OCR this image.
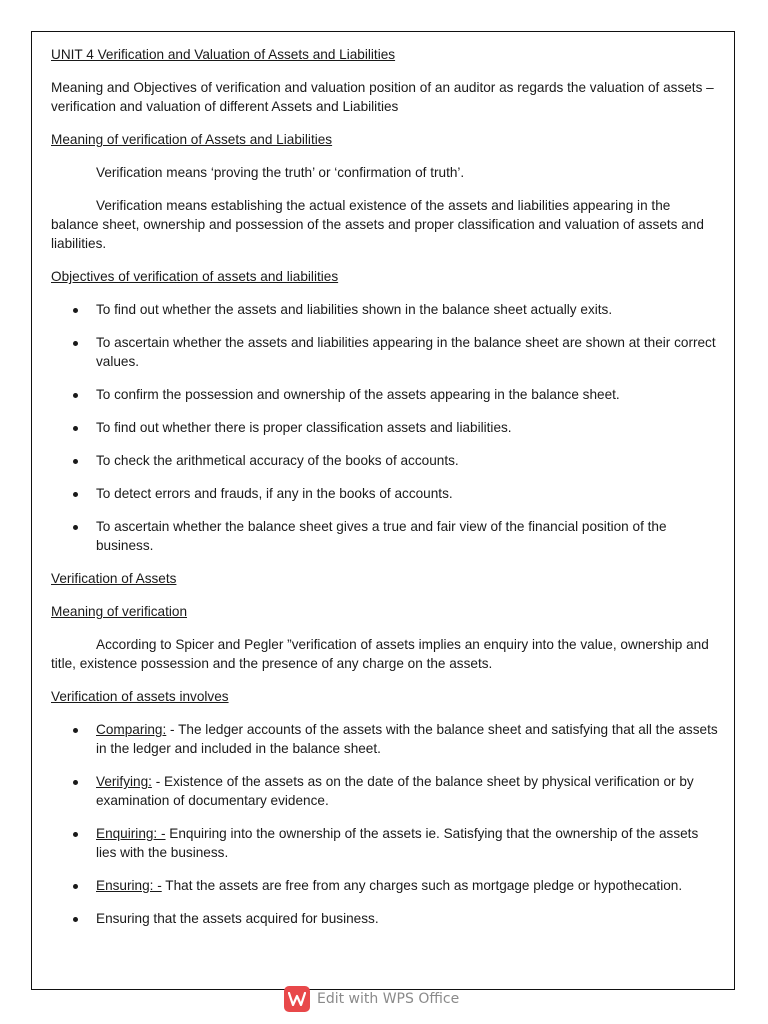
UNIT 4 Verification and Valuation of Assets and Liabilities
Meaning and Objectives of verification and valuation position of an auditor as regards the valuation of assets – verification and valuation of different Assets and Liabilities
Meaning of verification of Assets and Liabilities
Verification means ‘proving the truth’ or ‘confirmation of truth’.
Verification means establishing the actual existence of the assets and liabilities appearing in the balance sheet, ownership and possession of the assets and proper classification and valuation of assets and liabilities.
Objectives of verification of assets and liabilities
To find out whether the assets and liabilities shown in the balance sheet actually exits.
To ascertain whether the assets and liabilities appearing in the balance sheet are shown at their correct values.
To confirm the possession and ownership of the assets appearing in the balance sheet.
To find out whether there is proper classification assets and liabilities.
To check the arithmetical accuracy of the books of accounts.
To detect errors and frauds, if any in the books of accounts.
To ascertain whether the balance sheet gives a true and fair view of the financial position of the business.
Verification of Assets
Meaning of verification
According to Spicer and Pegler ”verification of assets implies an enquiry into the value, ownership and title, existence possession and the presence of any charge on the assets.
Verification of assets involves
Comparing: - The ledger accounts of the assets with the balance sheet and satisfying that all the assets in the ledger and included in the balance sheet.
Verifying: - Existence of the assets as on the date of the balance sheet by physical verification or by examination of documentary evidence.
Enquiring: - Enquiring into the ownership of the assets ie. Satisfying that the ownership of the assets lies with the business.
Ensuring: - That the assets are free from any charges such as mortgage pledge or hypothecation.
Ensuring that the assets acquired for business.
Edit with WPS Office
